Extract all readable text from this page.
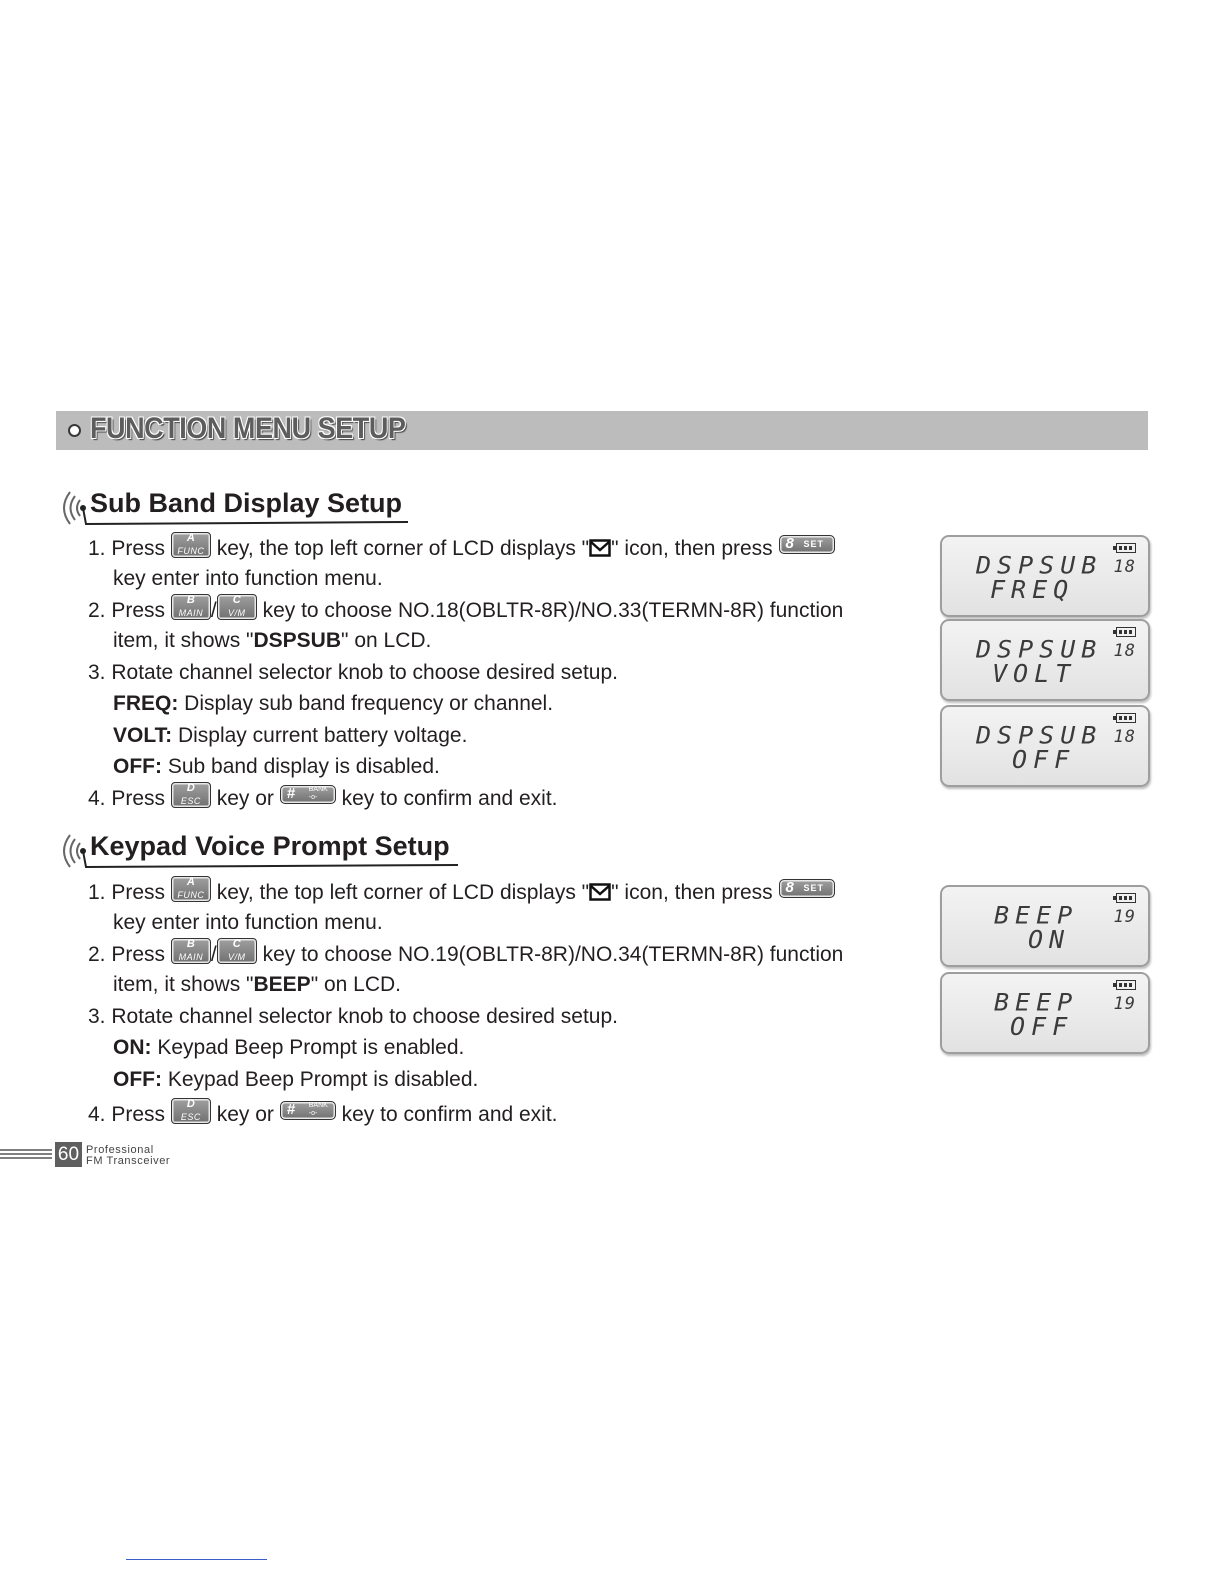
FUNCTION MENU SETUP
Sub Band Display Setup
1. Press	A
FUNC key, the top left corner of LCD displays " " icon, then press 8 SET
key enter into function menu.
2. Press	B
MAIN /	C
V/M key to choose NO.18(OBLTR-8R)/NO.33(TERMN-8R) function
item, it shows "DSPSUB" on LCD.
3. Rotate channel selector knob to choose desired setup.
FREQ: Display sub band frequency or channel.
VOLT: Display current battery voltage.
OFF: Sub band display is disabled.
4. Press	D
ESC key or # BANK
-o- key to confirm and exit.
DSPSUB
FREQ
18
DSPSUB
VOLT
18
DSPSUB
OFF
18
Keypad Voice Prompt Setup
1. Press	A
FUNC key, the top left corner of LCD displays " " icon, then press 8 SET
key enter into function menu.
2. Press	B
MAIN /	C
V/M key to choose NO.19(OBLTR-8R)/NO.34(TERMN-8R) function
item, it shows "BEEP" on LCD.
3. Rotate channel selector knob to choose desired setup.
ON: Keypad Beep Prompt is enabled.
OFF: Keypad Beep Prompt is disabled.
4. Press	D
ESC key or # BANK
-o- key to confirm and exit.
BEEP
ON
19
BEEP
OFF
19
60 Professional
FM Transceiver
